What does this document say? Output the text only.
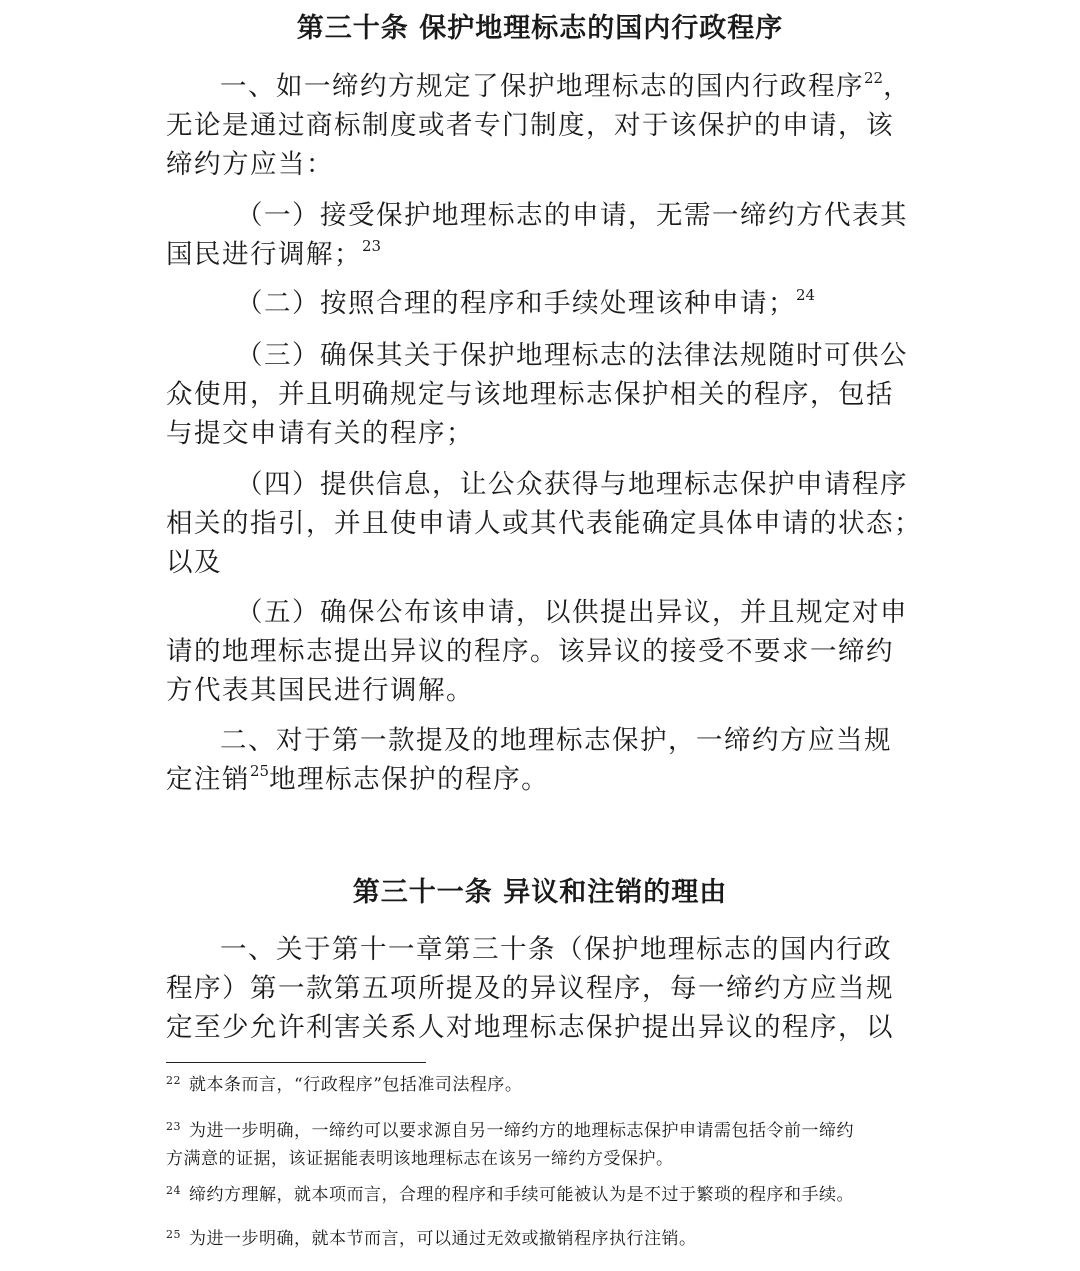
第三十条 保护地理标志的国内行政程序
一、如一缔约方规定了保护地理标志的国内行政程序$^{22}$，
无论是通过商标制度或者专门制度，对于该保护的申请，该
缔约方应当：
（一）接受保护地理标志的申请，无需一缔约方代表其
国民进行调解；$^{23}$
（二）按照合理的程序和手续处理该种申请；$^{24}$
（三）确保其关于保护地理标志的法律法规随时可供公
众使用，并且明确规定与该地理标志保护相关的程序，包括
与提交申请有关的程序；
（四）提供信息，让公众获得与地理标志保护申请程序
相关的指引，并且使申请人或其代表能确定具体申请的状态；
以及
（五）确保公布该申请，以供提出异议，并且规定对申
请的地理标志提出异议的程序。该异议的接受不要求一缔约
方代表其国民进行调解。
二、对于第一款提及的地理标志保护，一缔约方应当规
定注销$^{25}$地理标志保护的程序。
第三十一条 异议和注销的理由
一、关于第十一章第三十条（保护地理标志的国内行政
程序）第一款第五项所提及的异议程序，每一缔约方应当规
定至少允许利害关系人对地理标志保护提出异议的程序，以
$^{22}$ 就本条而言，“行政程序”包括准司法程序。
$^{23}$ 为进一步明确，一缔约可以要求源自另一缔约方的地理标志保护申请需包括令前一缔约
方满意的证据，该证据能表明该地理标志在该另一缔约方受保护。
$^{24}$ 缔约方理解，就本项而言，合理的程序和手续可能被认为是不过于繁琐的程序和手续。
$^{25}$ 为进一步明确，就本节而言，可以通过无效或撤销程序执行注销。
